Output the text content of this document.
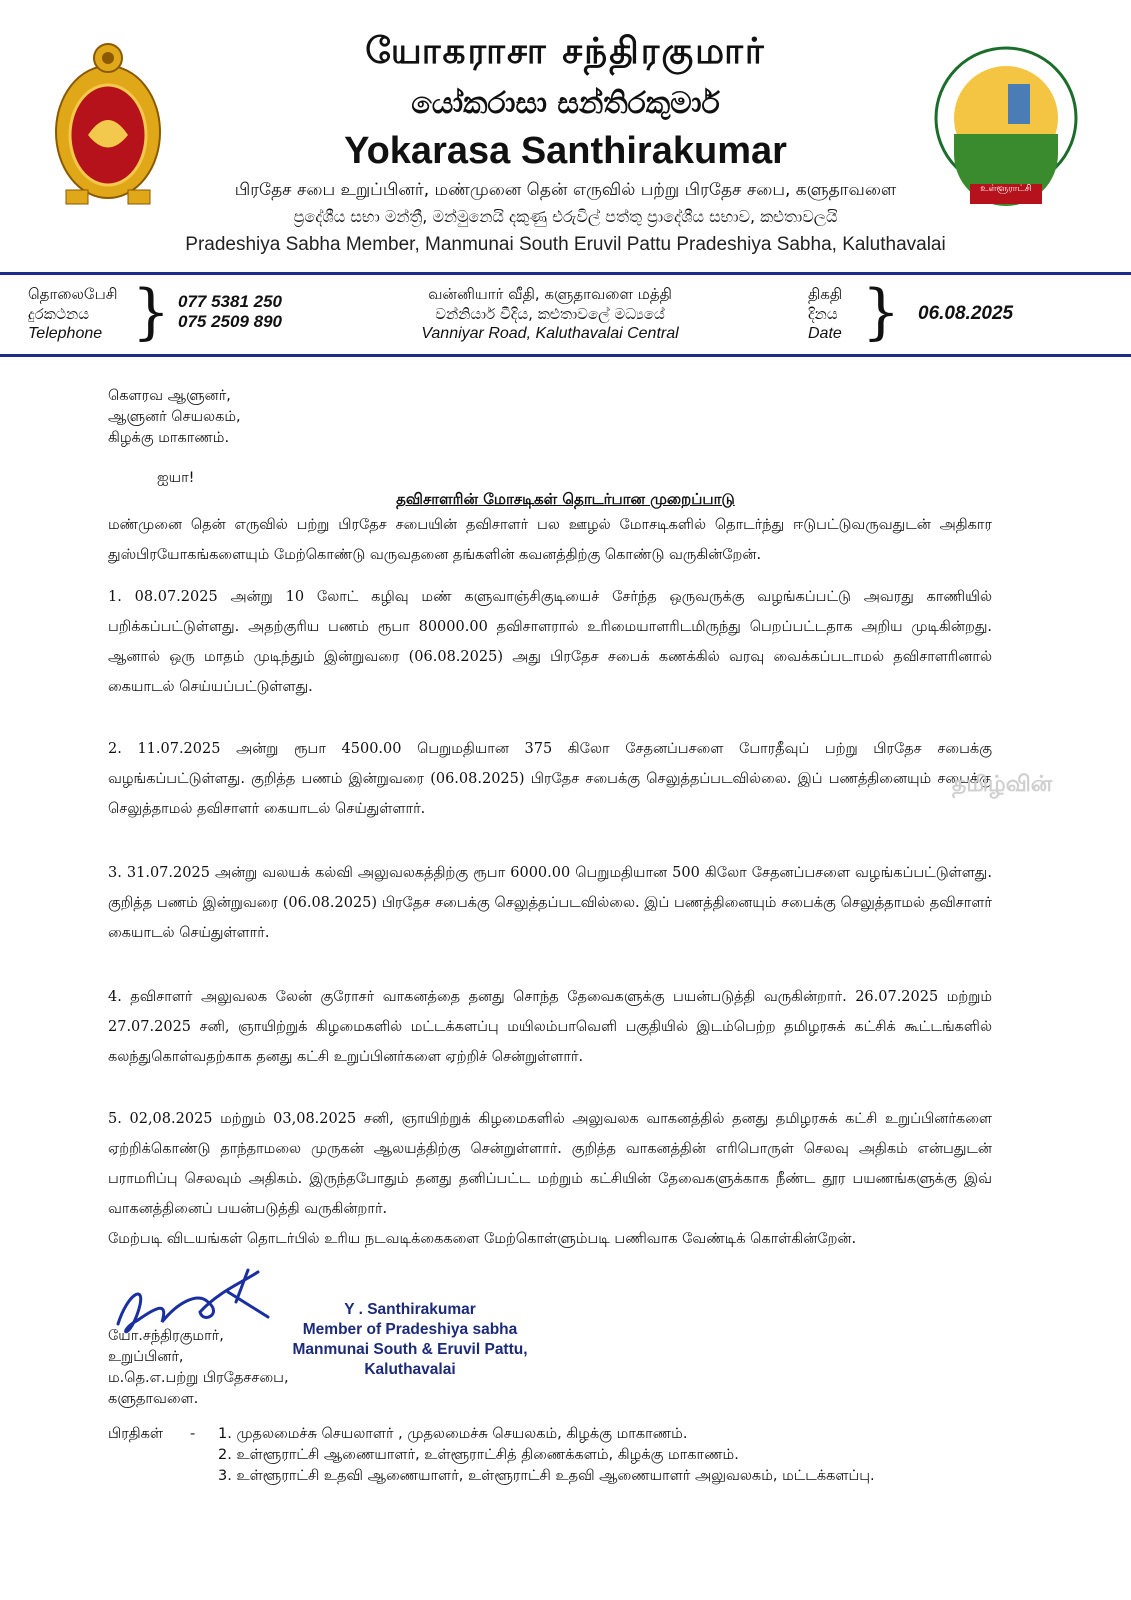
உள்ளூராட்சி
யோகராசா சந்திரகுமார்
යෝකරාසා සන්තිරකුමාර්
Yokarasa Santhirakumar
பிரதேச சபை உறுப்பினர், மண்முனை தென் எருவில் பற்று பிரதேச சபை, களுதாவளை
ප්‍රදේශීය සභා මන්ත්‍රී, මන්මුනෙයි දකුණු එරුවිල් පත්තු ප්‍රාදේශීය සභාව, කළුතාවලයි
Pradeshiya Sabha Member, Manmunai South Eruvil Pattu Pradeshiya Sabha, Kaluthavalai
தொலைபேசி
දුරකථනය
Telephone } 077 5381 250
075 2509 890
வன்னியார் வீதி, களுதாவளை மத்தி
වන්නියාර් වීදිය, කළුතාවලේ මධ්‍යයේ
Vanniyar Road, Kaluthavalai Central
திகதி
දිනය
Date } 06.08.2025
கௌரவ ஆளுனர்,
ஆளுனர் செயலகம்,
கிழக்கு மாகாணம்.
ஐயா!
தவிசாளரின் மோசடிகள் தொடர்பான முறைப்பாடு
மண்முனை தென் எருவில் பற்று பிரதேச சபையின் தவிசாளர் பல ஊழல் மோசடிகளில் தொடர்ந்து ஈடுபட்டுவருவதுடன் அதிகார துஸ்பிரயோகங்களையும் மேற்கொண்டு வருவதனை தங்களின் கவனத்திற்கு கொண்டு வருகின்றேன்.
1. 08.07.2025 அன்று 10 லோட் கழிவு மண் களுவாஞ்சிகுடியைச் சேர்ந்த ஒருவருக்கு வழங்கப்பட்டு அவரது காணியில் பறிக்கப்பட்டுள்ளது. அதற்குரிய பணம் ரூபா 80000.00 தவிசாளரால் உரிமையாளரிடமிருந்து பெறப்பட்டதாக அறிய முடிகின்றது. ஆனால் ஒரு மாதம் முடிந்தும் இன்றுவரை (06.08.2025) அது பிரதேச சபைக் கணக்கில் வரவு வைக்கப்படாமல் தவிசாளரினால் கையாடல் செய்யப்பட்டுள்ளது.
2. 11.07.2025 அன்று ரூபா 4500.00 பெறுமதியான 375 கிலோ சேதனப்பசளை போரதீவுப் பற்று பிரதேச சபைக்கு வழங்கப்பட்டுள்ளது. குறித்த பணம் இன்றுவரை (06.08.2025) பிரதேச சபைக்கு செலுத்தப்படவில்லை. இப் பணத்தினையும் சபைக்கு செலுத்தாமல் தவிசாளர் கையாடல் செய்துள்ளார்.
3. 31.07.2025 அன்று வலயக் கல்வி அலுவலகத்திற்கு ரூபா 6000.00 பெறுமதியான 500 கிலோ சேதனப்பசளை வழங்கப்பட்டுள்ளது. குறித்த பணம் இன்றுவரை (06.08.2025) பிரதேச சபைக்கு செலுத்தப்படவில்லை. இப் பணத்தினையும் சபைக்கு செலுத்தாமல் தவிசாளர் கையாடல் செய்துள்ளார்.
4. தவிசாளர் அலுவலக லேன் குரோசர் வாகனத்தை தனது சொந்த தேவைகளுக்கு பயன்படுத்தி வருகின்றார். 26.07.2025 மற்றும் 27.07.2025 சனி, ஞாயிற்றுக் கிழமைகளில் மட்டக்களப்பு மயிலம்பாவெளி பகுதியில் இடம்பெற்ற தமிழரசுக் கட்சிக் கூட்டங்களில் கலந்துகொள்வதற்காக தனது கட்சி உறுப்பினர்களை ஏற்றிச் சென்றுள்ளார்.
5. 02,08.2025 மற்றும் 03,08.2025 சனி, ஞாயிற்றுக் கிழமைகளில் அலுவலக வாகனத்தில் தனது தமிழரசுக் கட்சி உறுப்பினர்களை ஏற்றிக்கொண்டு தாந்தாமலை முருகன் ஆலயத்திற்கு சென்றுள்ளார். குறித்த வாகனத்தின் எரிபொருள் செலவு அதிகம் என்பதுடன் பராமரிப்பு செலவும் அதிகம். இருந்தபோதும் தனது தனிப்பட்ட மற்றும் கட்சியின் தேவைகளுக்காக நீண்ட தூர பயணங்களுக்கு இவ் வாகனத்தினைப் பயன்படுத்தி வருகின்றார்.
மேற்படி விடயங்கள் தொடர்பில் உரிய நடவடிக்கைகளை மேற்கொள்ளும்படி பணிவாக வேண்டிக் கொள்கின்றேன்.
தமிழ்வின்
யோ.சந்திரகுமார்,
உறுப்பினர்,
ம.தெ.எ.பற்று பிரதேசசபை,
களுதாவளை.
Y . Santhirakumar
Member of Pradeshiya sabha
Manmunai South & Eruvil Pattu,
Kaluthavalai
பிரதிகள் - 1. முதலமைச்சு செயலாளர் , முதலமைச்சு செயலகம், கிழக்கு மாகாணம்.
2. உள்ளூராட்சி ஆணையாளர், உள்ளூராட்சித் திணைக்களம், கிழக்கு மாகாணம்.
3. உள்ளூராட்சி உதவி ஆணையாளர், உள்ளூராட்சி உதவி ஆணையாளர் அலுவலகம், மட்டக்களப்பு.
